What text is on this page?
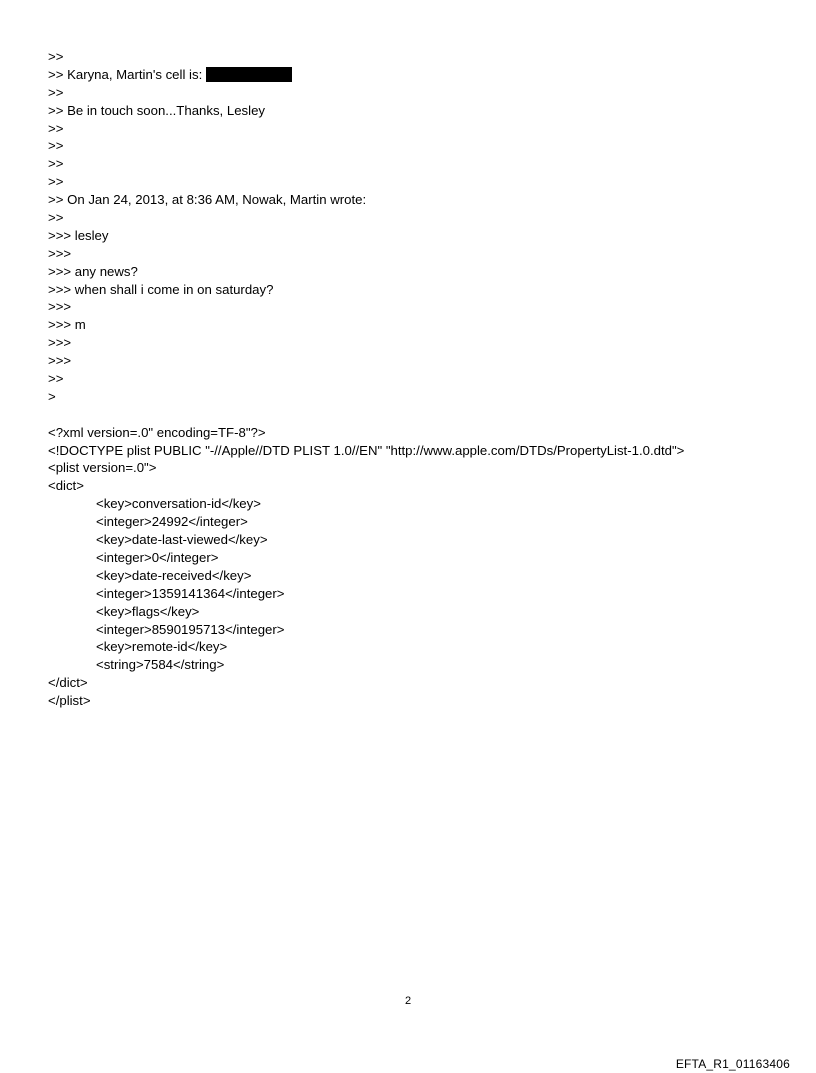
>>
>> Karyna, Martin's cell is:
>>
>> Be in touch soon...Thanks, Lesley
>>
>>
>>
>>
>> On Jan 24, 2013, at 8:36 AM, Nowak, Martin wrote:
>>
>>> lesley
>>>
>>> any news?
>>> when shall i come in on saturday?
>>>
>>> m
>>>
>>>
>>
>
<?xml version=.0" encoding=TF-8"?>
<!DOCTYPE plist PUBLIC "-//Apple//DTD PLIST 1.0//EN" "http://www.apple.com/DTDs/PropertyList-1.0.dtd">
<plist version=.0">
<dict>
<key>conversation-id</key>
<integer>24992</integer>
<key>date-last-viewed</key>
<integer>0</integer>
<key>date-received</key>
<integer>1359141364</integer>
<key>flags</key>
<integer>8590195713</integer>
<key>remote-id</key>
<string>7584</string>
</dict>
</plist>
2
EFTA_R1_01163406
